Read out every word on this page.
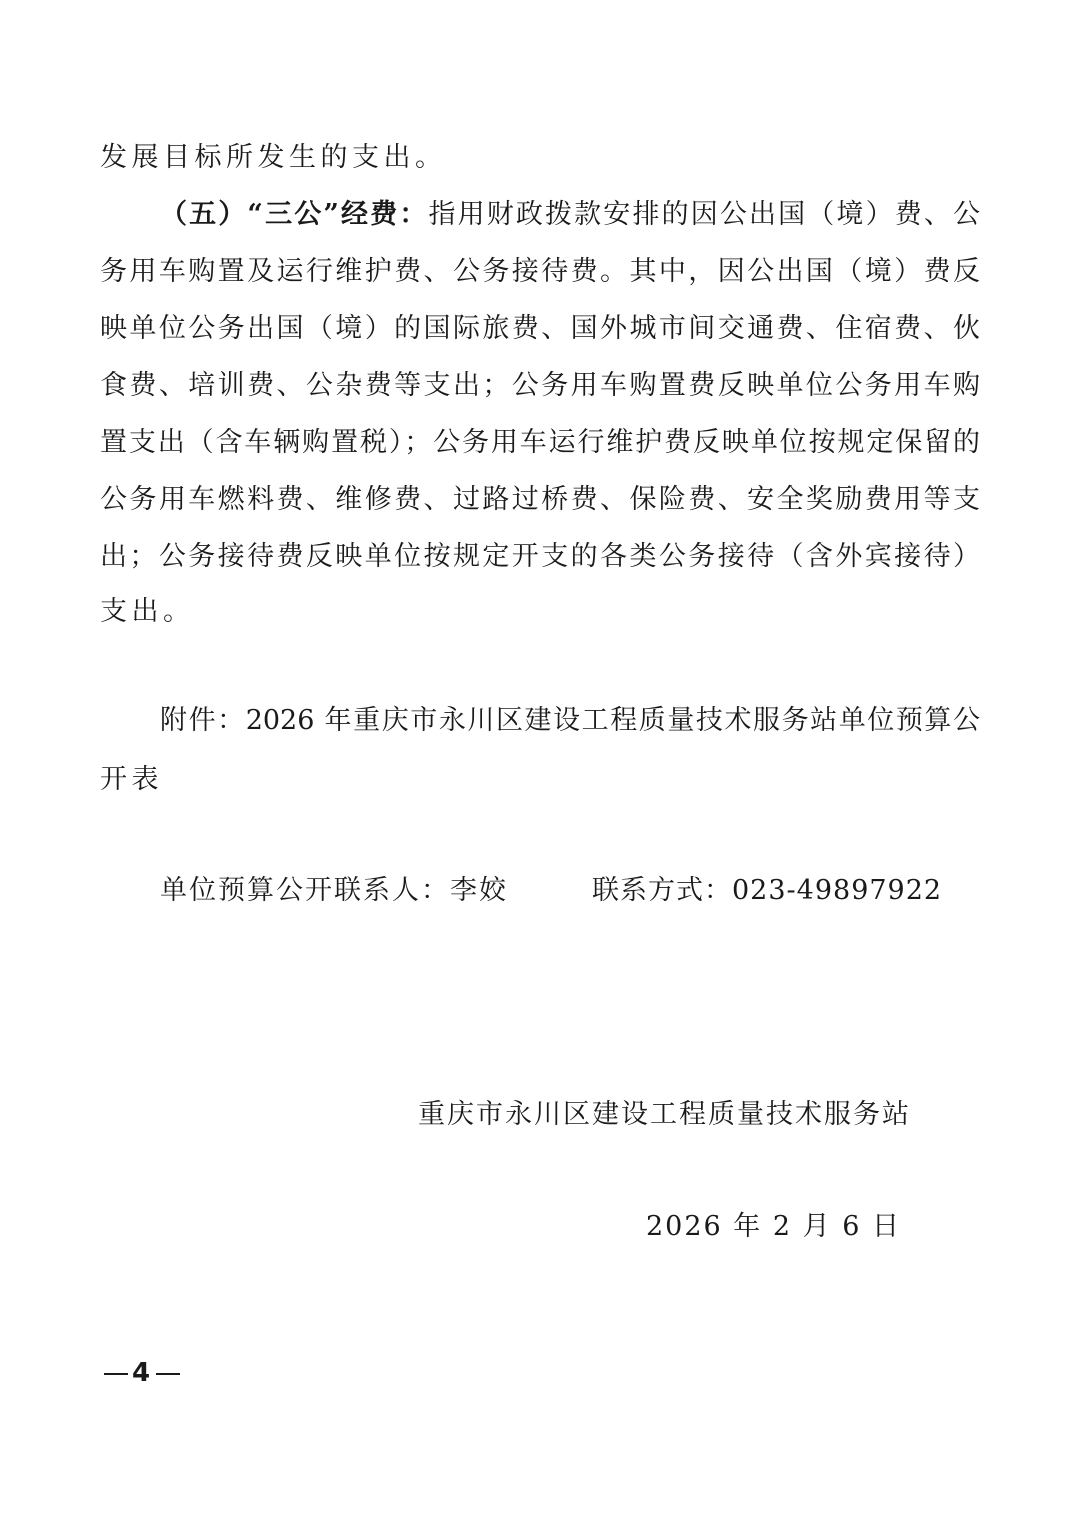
发展目标所发生的支出。
（五）“三公”经费：指用财政拨款安排的因公出国（境）费、公
务用车购置及运行维护费、公务接待费。其中，因公出国（境）费反
映单位公务出国（境）的国际旅费、国外城市间交通费、住宿费、伙
食费、培训费、公杂费等支出；公务用车购置费反映单位公务用车购
置支出（含车辆购置税）；公务用车运行维护费反映单位按规定保留的
公务用车燃料费、维修费、过路过桥费、保险费、安全奖励费用等支
出；公务接待费反映单位按规定开支的各类公务接待（含外宾接待）
支出。
附件：2026 年重庆市永川区建设工程质量技术服务站单位预算公
开表
单位预算公开联系人：李姣	联系方式：023-49897922
重庆市永川区建设工程质量技术服务站
2026 年 2 月 6 日
4
